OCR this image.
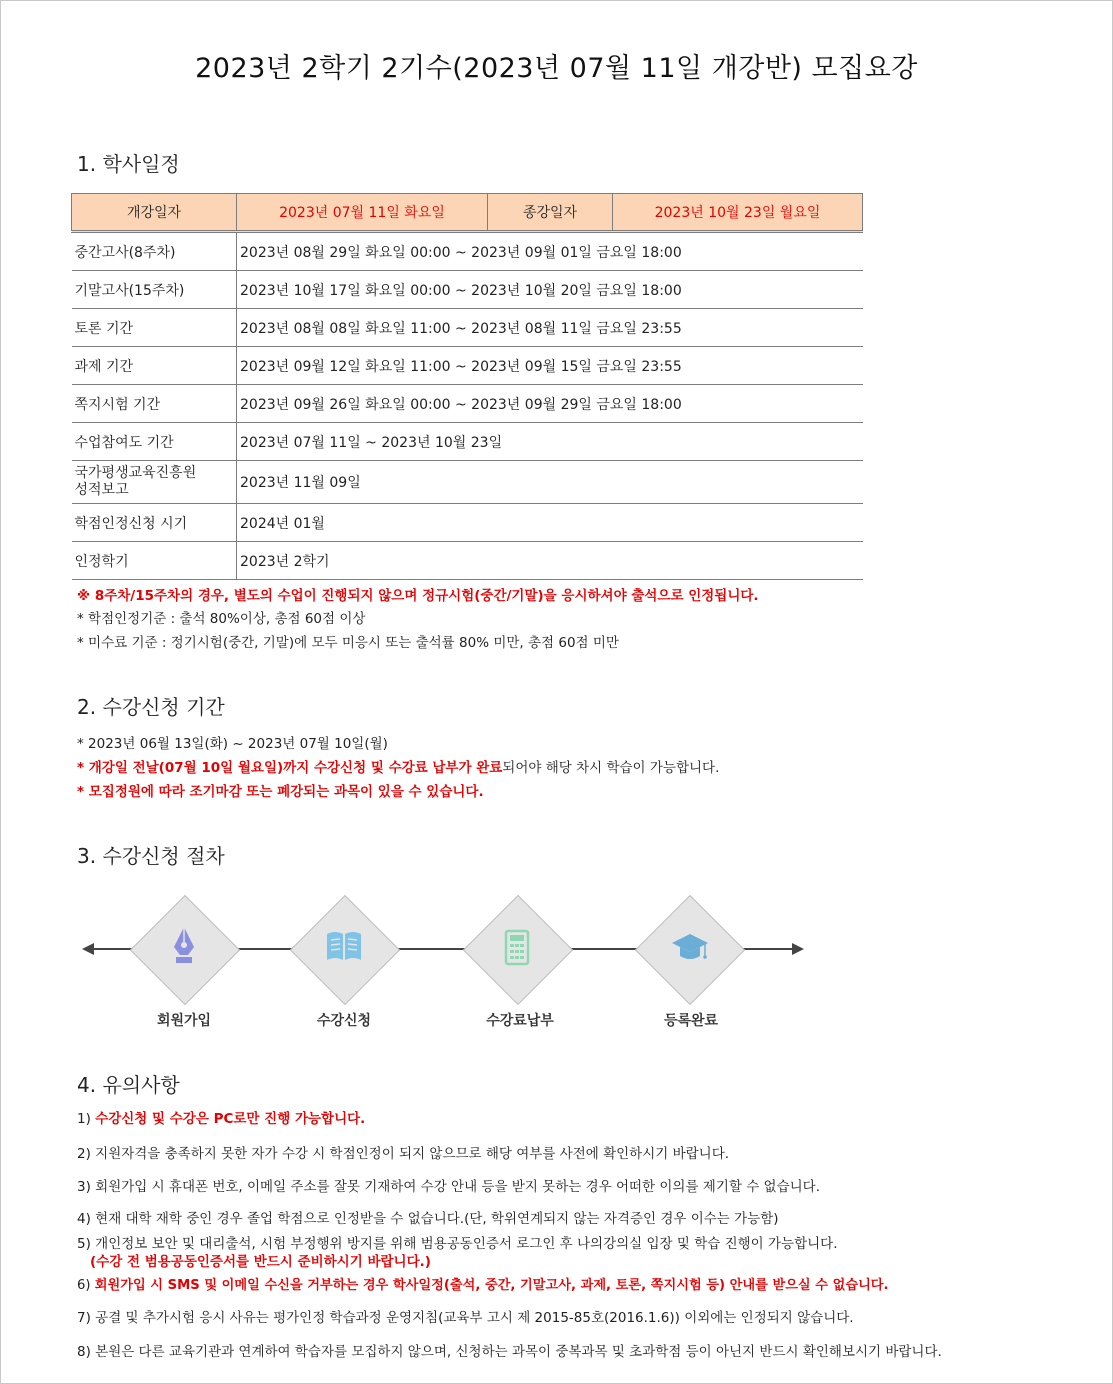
2023년 2학기 2기수(2023년 07월 11일 개강반) 모집요강
1. 학사일정
개강일자	2023년 07월 11일 화요일	종강일자	2023년 10월 23일 월요일
중간고사(8주차)	2023년 08월 29일 화요일 00:00 ~ 2023년 09월 01일 금요일 18:00		
기말고사(15주차)	2023년 10월 17일 화요일 00:00 ~ 2023년 10월 20일 금요일 18:00		
토론 기간	2023년 08월 08일 화요일 11:00 ~ 2023년 08월 11일 금요일 23:55		
과제 기간	2023년 09월 12일 화요일 11:00 ~ 2023년 09월 15일 금요일 23:55		
쪽지시험 기간	2023년 09월 26일 화요일 00:00 ~ 2023년 09월 29일 금요일 18:00		
수업참여도 기간	2023년 07월 11일 ~ 2023년 10월 23일		

국가평생교육진흥원
성적보고	2023년 11월 09일		
학점인정신청 시기	2024년 01월		
인정학기	2023년 2학기		
※ 8주차/15주차의 경우, 별도의 수업이 진행되지 않으며 정규시험(중간/기말)을 응시하셔야 출석으로 인정됩니다.
* 학점인정기준 : 출석 80%이상, 총점 60점 이상
* 미수료 기준 : 정기시험(중간, 기말)에 모두 미응시 또는 출석률 80% 미만, 총점 60점 미만
2. 수강신청 기간
* 2023년 06월 13일(화) ~ 2023년 07월 10일(월)
* 개강일 전날(07월 10일 월요일)까지 수강신청 및 수강료 납부가 완료되어야 해당 차시 학습이 가능합니다.
* 모집정원에 따라 조기마감 또는 폐강되는 과목이 있을 수 있습니다.
3. 수강신청 절차
회원가입	수강신청	수강료납부	등록완료
4. 유의사항
1) 수강신청 및 수강은 PC로만 진행 가능합니다.
2) 지원자격을 충족하지 못한 자가 수강 시 학점인정이 되지 않으므로 해당 여부를 사전에 확인하시기 바랍니다.
3) 회원가입 시 휴대폰 번호, 이메일 주소를 잘못 기재하여 수강 안내 등을 받지 못하는 경우 어떠한 이의를 제기할 수 없습니다.
4) 현재 대학 재학 중인 경우 졸업 학점으로 인정받을 수 없습니다.(단, 학위연계되지 않는 자격증인 경우 이수는 가능함)
5) 개인정보 보안 및 대리출석, 시험 부정행위 방지를 위해 범용공동인증서 로그인 후 나의강의실 입장 및 학습 진행이 가능합니다.
(수강 전 범용공동인증서를 반드시 준비하시기 바랍니다.)
6) 회원가입 시 SMS 및 이메일 수신을 거부하는 경우 학사일정(출석, 중간, 기말고사, 과제, 토론, 쪽지시험 등) 안내를 받으실 수 없습니다.
7) 공결 및 추가시험 응시 사유는 평가인정 학습과정 운영지침(교육부 고시 제 2015-85호(2016.1.6)) 이외에는 인정되지 않습니다.
8) 본원은 다른 교육기관과 연계하여 학습자를 모집하지 않으며, 신청하는 과목이 중복과목 및 초과학점 등이 아닌지 반드시 확인해보시기 바랍니다.
